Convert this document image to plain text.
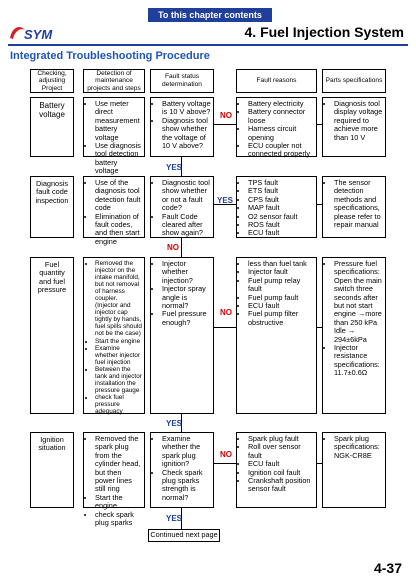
To this chapter contents
SYM	4. Fuel Injection System
Integrated Troubleshooting Procedure
Checking, adjusting Project
Detection of maintenance projects and steps
Fault status determination
Fault reasons	Parts specifications
Battery voltage
• Use meter direct measurement battery voltage
• Use diagnosis tool detection battery voltage
• Battery voltage is 10 V above?
• Diagnosis tool show whether the voltage of 10 V above?
• Battery electricity
• Battery connector loose
• Harness circuit opening
• ECU coupler not connected properly
• Diagnosis tool display voltage required to achieve more than 10 V
Diagnosis fault code inspection
• Use of the diagnosis tool detection fault code
• Elimination of fault codes, and then start engine
• Diagnostic tool show whether or not a fault code?
• Fault Code cleared after show again?
• TPS fault
• ETS fault
• CPS fault
• MAP fault
• O2 sensor fault
• ROS fault
• ECU fault
• The sensor detection methods and specifications, please refer to repair manual
Fuel quantity and fuel pressure
• Removed the injector on the intake manifold, but not removal of harness coupler. (Injector and injector cap tightly by hands, fuel spills should not be the case)
• Start the engine
• Examine whether injector fuel injection
• Between the tank and injector installation the pressure gauge
• check fuel pressure adequacy
• Injector whether injection?
• Injector spray angle is normal?
• Fuel pressure enough?
• less than fuel tank
• Injector fault
• Fuel pump relay fault
• Fuel pump fault
• ECU fault
• Fuel pump filter obstructive
• Pressure fuel specifications: Open the main switch three seconds after but not start engine →more than 250 kPa Idle → 294±6kPa
• Injector resistance specifications: 11.7±0.6Ω
Ignition situation
• Removed the spark plug from the cylinder head, but then power lines still ring
• Start the engine
• check spark plug sparks
• Examine whether the spark plug ignition?
• Check spark plug sparks strength is normal?
• Spark plug fault
• Roll over sensor fault
• ECU fault
• Ignition coil fault
• Crankshaft position sensor fault
• Spark plug specifications: NGK-CR8E
NO
YES
NO
NO
YES
NO
YES
YES
Continued next page
4-37
